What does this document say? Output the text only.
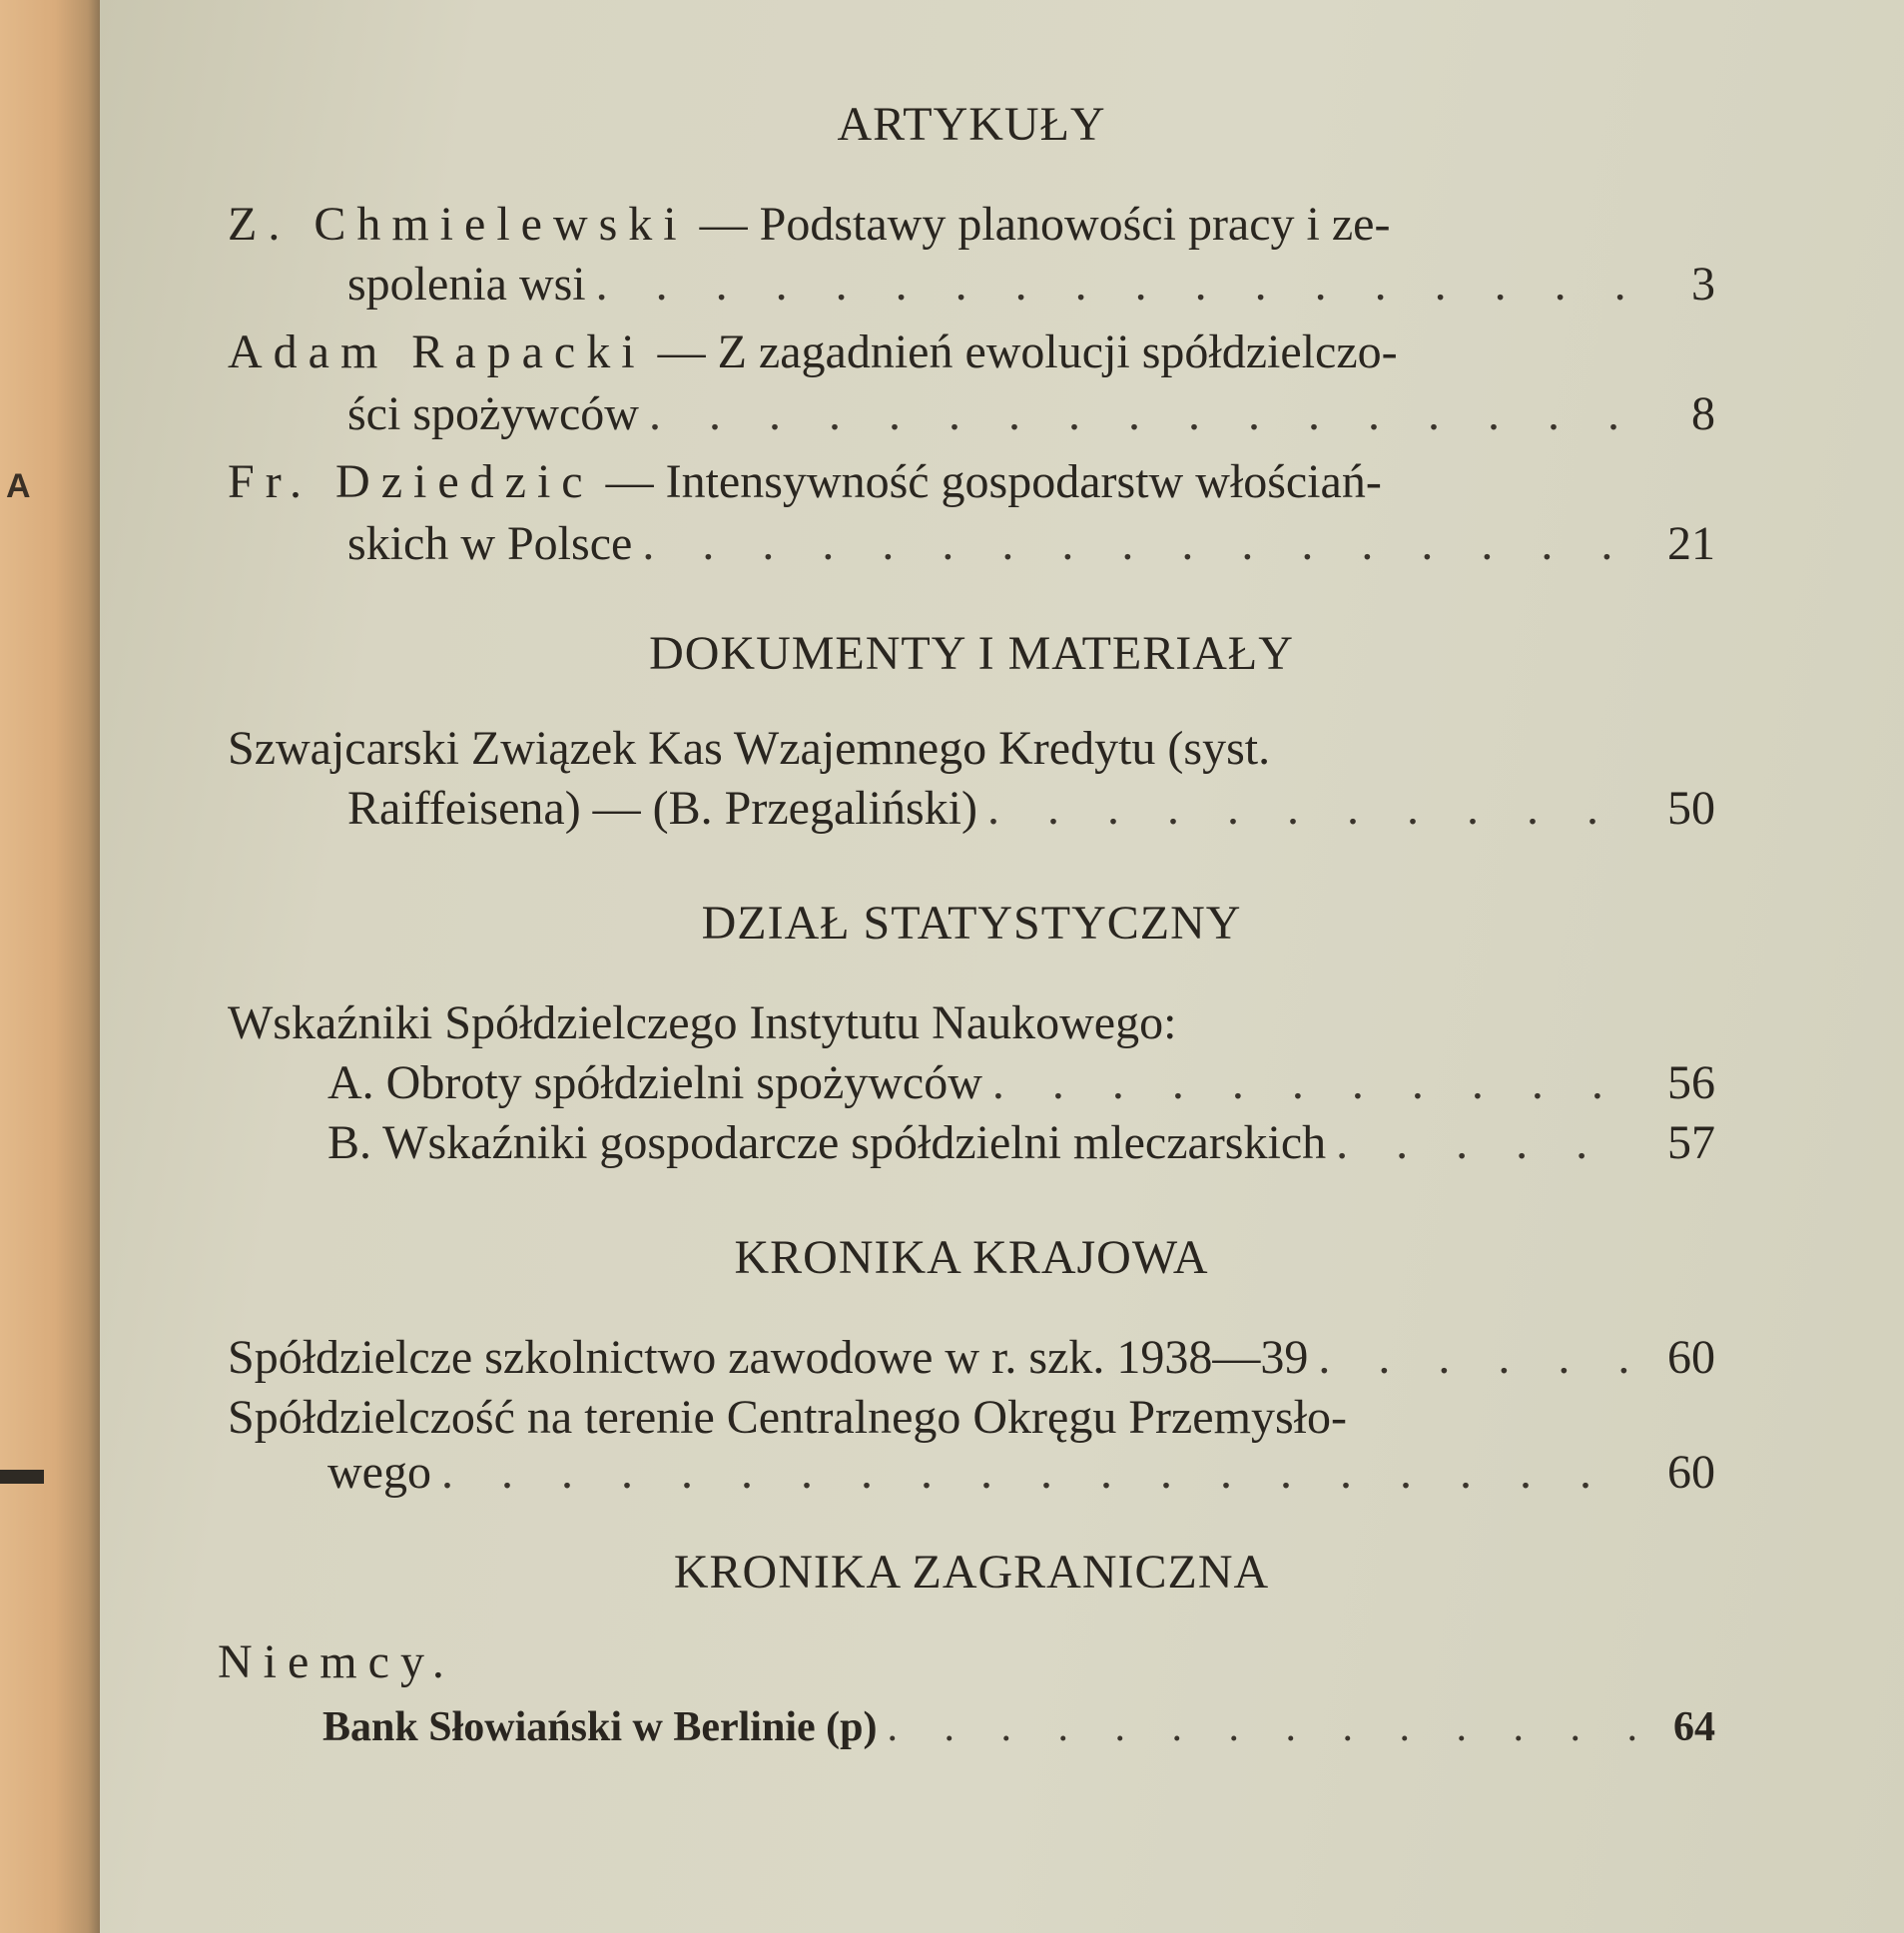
A
ARTYKUŁY
Z. Chmielewski — Podstawy planowości pracy i ze-
spolenia wsi . . .	3
Adam Rapacki — Z zagadnień ewolucji spółdzielczo-
ści spożywców . . .	8
Fr. Dziedzic — Intensywność gospodarstw włościań-
skich w Polsce . . .	21
DOKUMENTY I MATERIAŁY
Szwajcarski Związek Kas Wzajemnego Kredytu (syst.
Raiffeisena) — (B. Przegaliński) . . .	50
DZIAŁ STATYSTYCZNY
Wskaźniki Spółdzielczego Instytutu Naukowego:
A. Obroty spółdzielni spożywców . . .	56
B. Wskaźniki gospodarcze spółdzielni mleczarskich . . .	57
KRONIKA KRAJOWA
Spółdzielcze szkolnictwo zawodowe w r. szk. 1938—39 . . .	60
Spółdzielczość na terenie Centralnego Okręgu Przemysło-
wego . . .	60
KRONIKA ZAGRANICZNA
Niemcy.
Bank Słowiański w Berlinie (p) . . .	64
